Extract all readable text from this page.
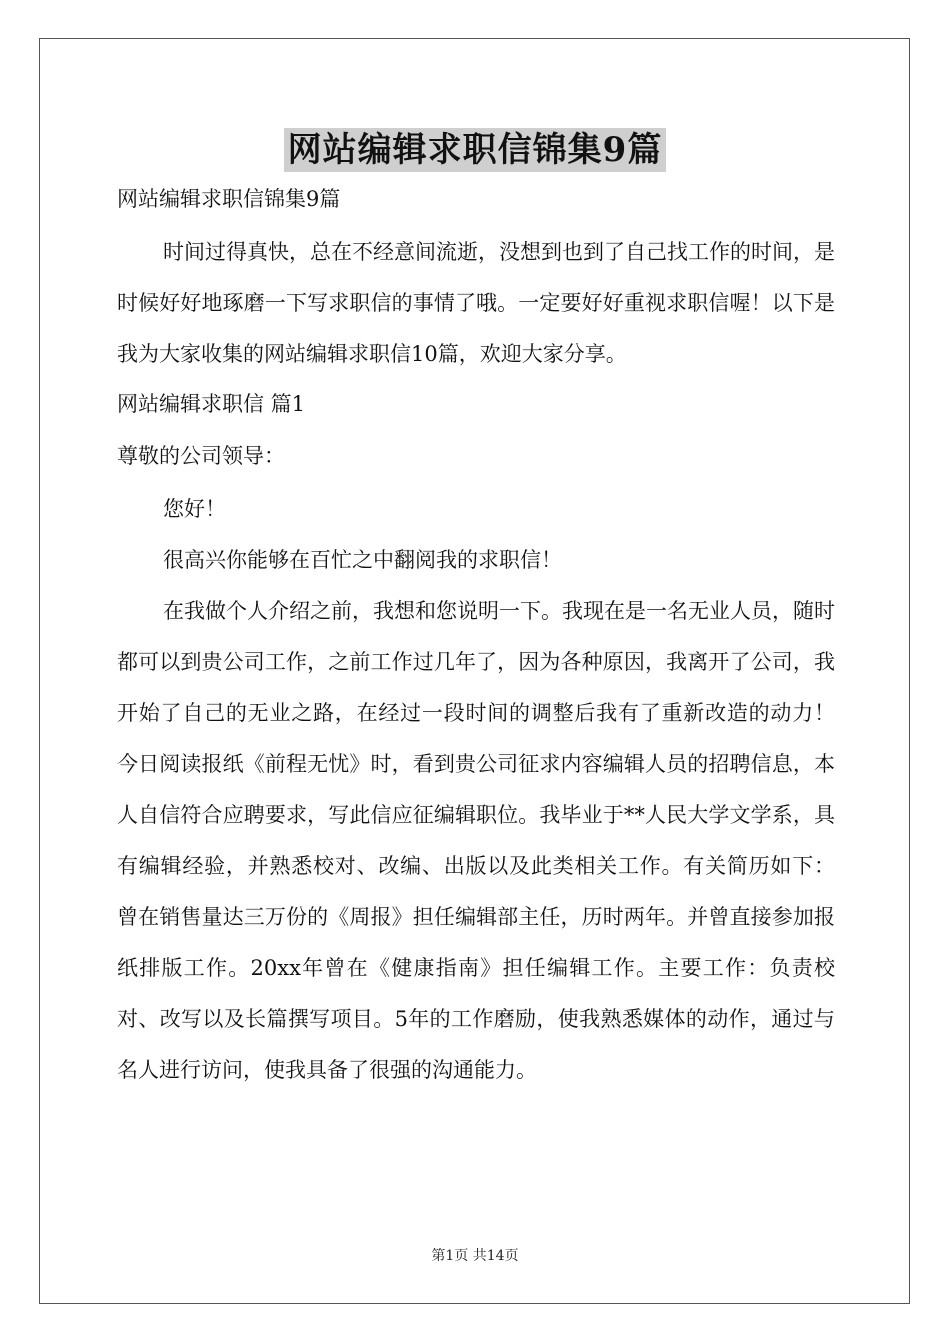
网站编辑求职信锦集9篇
网站编辑求职信锦集9篇

时间过得真快，总在不经意间流逝，没想到也到了自己找工作的时间，是时候好好地琢磨一下写求职信的事情了哦。一定要好好重视求职信喔！以下是我为大家收集的网站编辑求职信10篇，欢迎大家分享。

网站编辑求职信 篇1
尊敬的公司领导：

您好！

很高兴你能够在百忙之中翻阅我的求职信！

在我做个人介绍之前，我想和您说明一下。我现在是一名无业人员，随时都可以到贵公司工作，之前工作过几年了，因为各种原因，我离开了公司，我开始了自己的无业之路，在经过一段时间的调整后我有了重新改造的动力！ 今日阅读报纸《前程无忧》时，看到贵公司征求内容编辑人员的招聘信息，本人自信符合应聘要求，写此信应征编辑职位。我毕业于**人民大学文学系，具有编辑经验，并熟悉校对、改编、出版以及此类相关工作。有关简历如下： 曾在销售量达三万份的《周报》担任编辑部主任，历时两年。并曾直接参加报纸排版工作。20xx年曾在《健康指南》担任编辑工作。主要工作：负责校对、改写以及长篇撰写项目。5年的工作磨励，使我熟悉媒体的动作，通过与名人进行访问，使我具备了很强的沟通能力。

第1页 共14页
